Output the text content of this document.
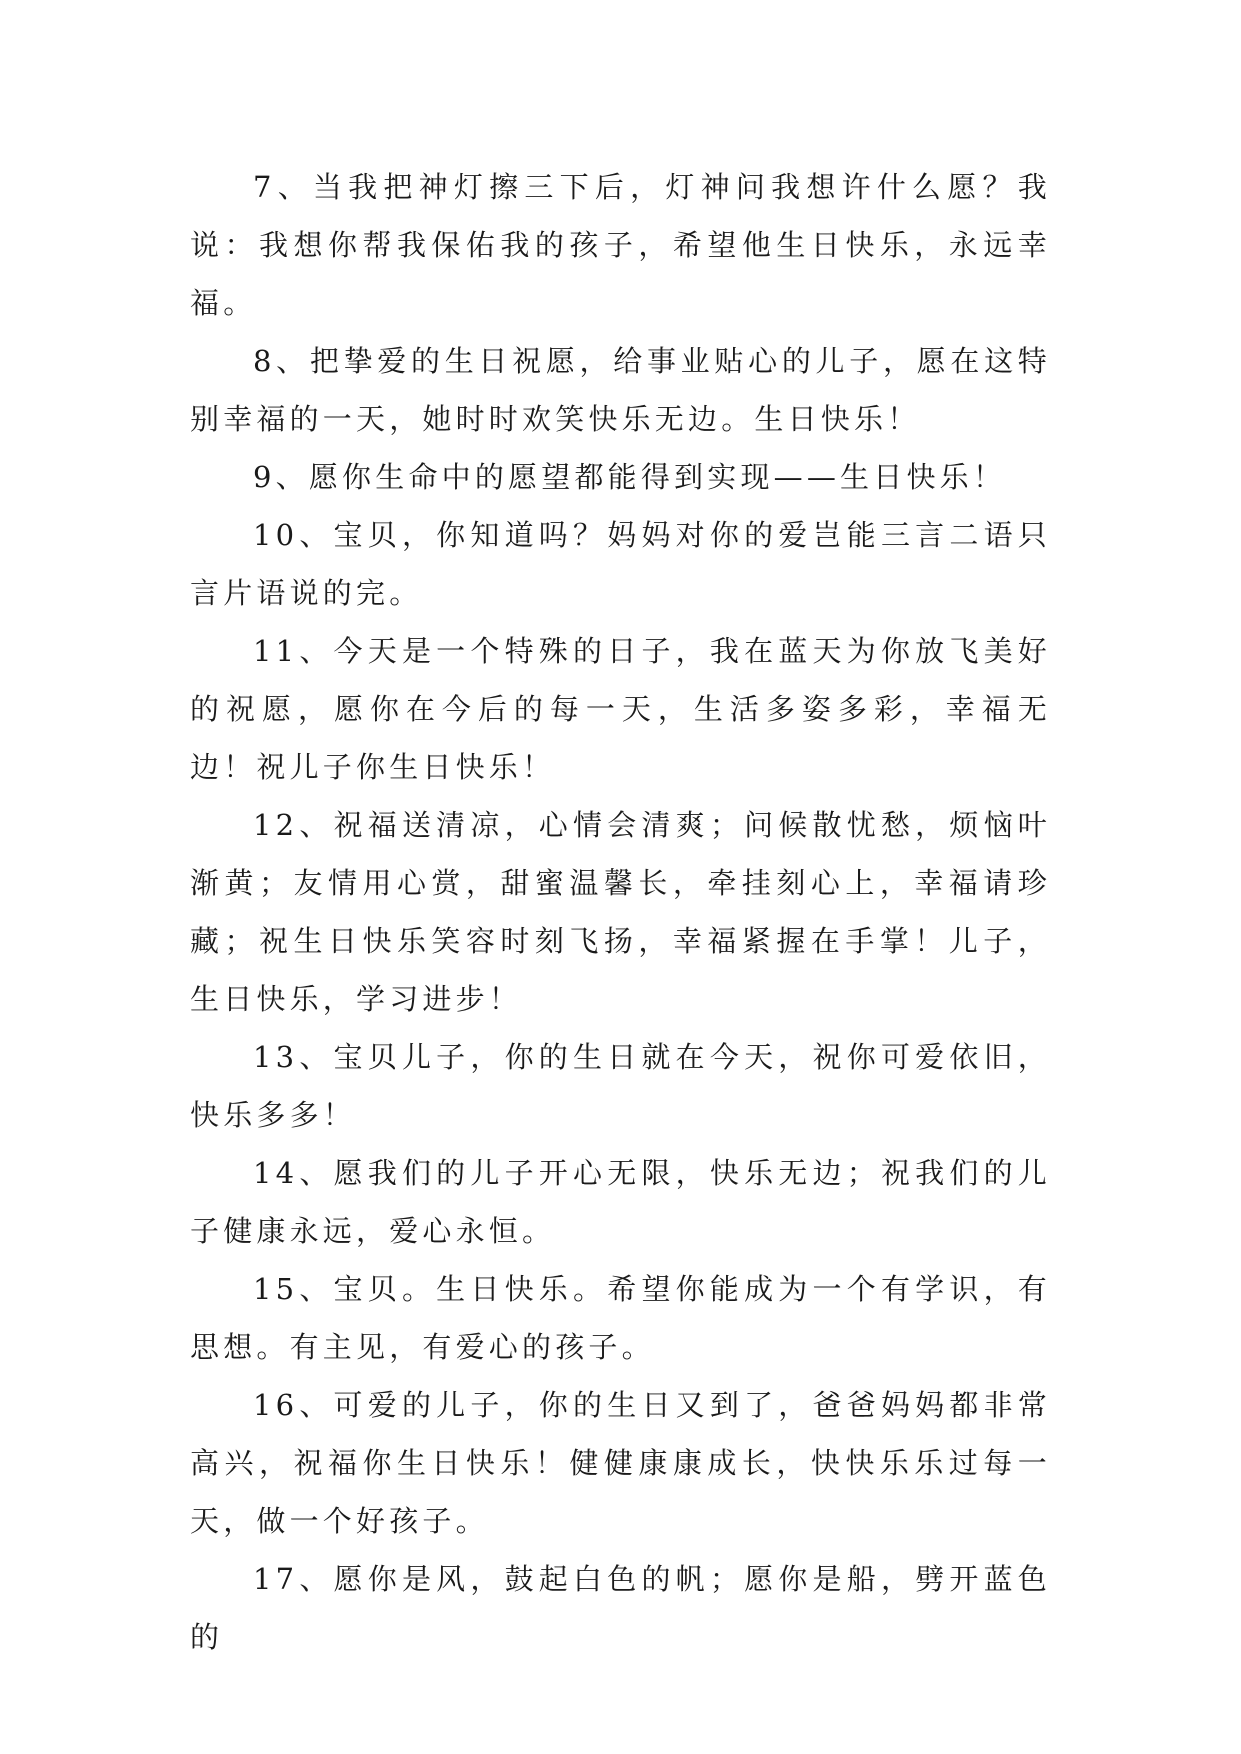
7、当我把神灯擦三下后，灯神问我想许什么愿？我说：我想你帮我保佑我的孩子，希望他生日快乐，永远幸福。

8、把挚爱的生日祝愿，给事业贴心的儿子，愿在这特别幸福的一天，她时时欢笑快乐无边。生日快乐！

9、愿你生命中的愿望都能得到实现——生日快乐！

10、宝贝，你知道吗？妈妈对你的爱岂能三言二语只言片语说的完。

11、今天是一个特殊的日子，我在蓝天为你放飞美好的祝愿，愿你在今后的每一天，生活多姿多彩，幸福无边！祝儿子你生日快乐！

12、祝福送清凉，心情会清爽；问候散忧愁，烦恼叶渐黄；友情用心赏，甜蜜温馨长，牵挂刻心上，幸福请珍藏；祝生日快乐笑容时刻飞扬，幸福紧握在手掌！儿子，生日快乐，学习进步！

13、宝贝儿子，你的生日就在今天，祝你可爱依旧，快乐多多！

14、愿我们的儿子开心无限，快乐无边；祝我们的儿子健康永远，爱心永恒。

15、宝贝。生日快乐。希望你能成为一个有学识，有思想。有主见，有爱心的孩子。

16、可爱的儿子，你的生日又到了，爸爸妈妈都非常高兴，祝福你生日快乐！健健康康成长，快快乐乐过每一天，做一个好孩子。

17、愿你是风，鼓起白色的帆；愿你是船，劈开蓝色的
